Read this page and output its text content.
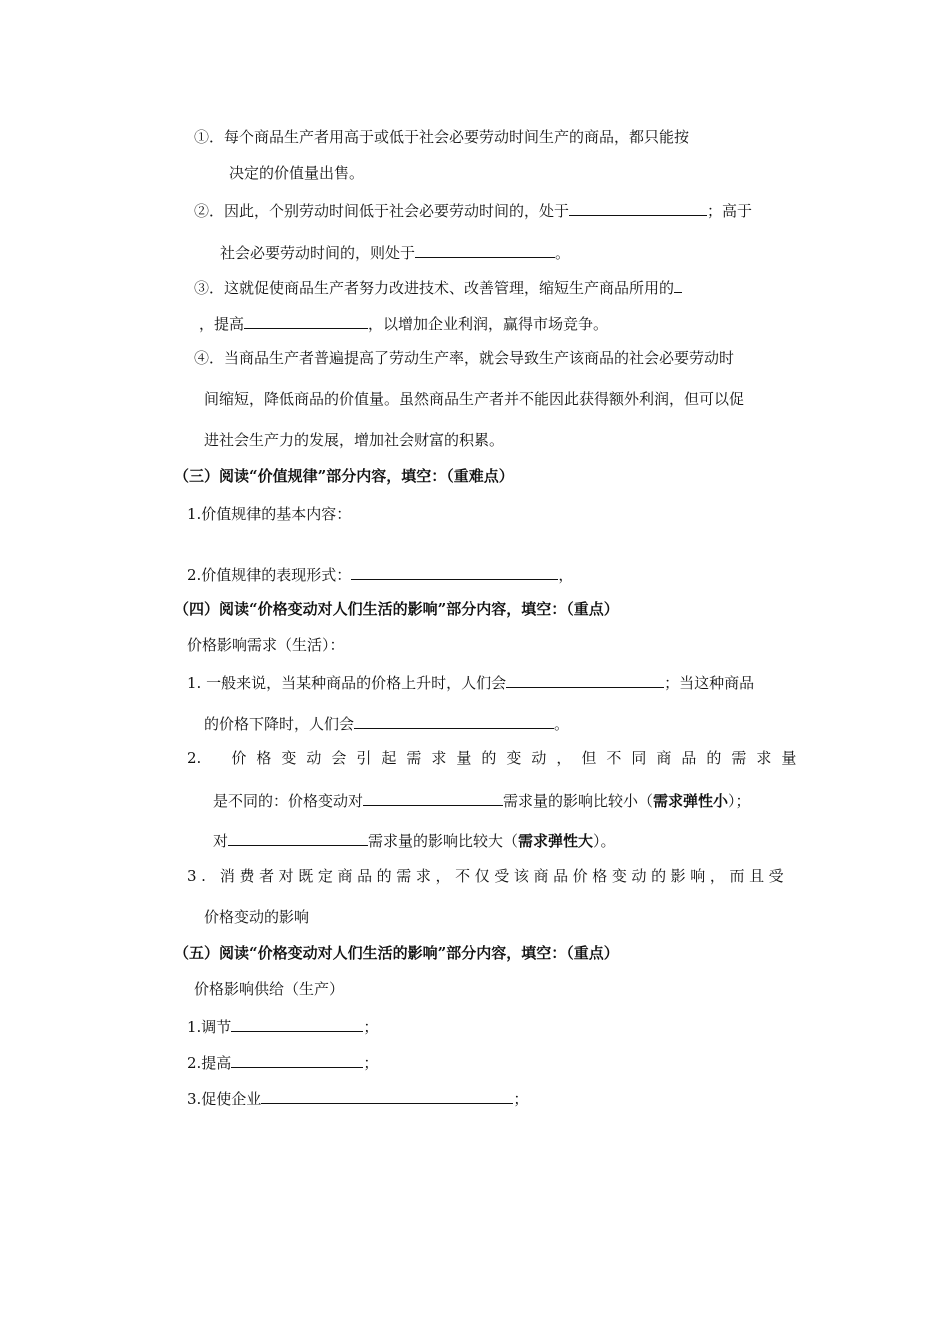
①．每个商品生产者用高于或低于社会必要劳动时间生产的商品，都只能按
决定的价值量出售。
②．因此，个别劳动时间低于社会必要劳动时间的，处于	；高于
社会必要劳动时间的，则处于	。
③．这就促使商品生产者努力改进技术、改善管理，缩短生产商品所用的
，提高	，以增加企业利润，赢得市场竞争。
④．当商品生产者普遍提高了劳动生产率，就会导致生产该商品的社会必要劳动时
间缩短，降低商品的价值量。虽然商品生产者并不能因此获得额外利润，但可以促
进社会生产力的发展，增加社会财富的积累。
（三）阅读“价值规律”部分内容，填空：（重难点）
1.价值规律的基本内容：
2.价值规律的表现形式：	，
（四）阅读“价格变动对人们生活的影响”部分内容，填空：（重点）
价格影响需求（生活）：
1. 一般来说，当某种商品的价格上升时，人们会	；当这种商品
的价格下降时，人们会	。
2. 价格变动会引起需求量的变动，但不同商品的需求量
是不同的：价格变动对	需求量的影响比较小（需求弹性小）；
对	需求量的影响比较大（需求弹性大）。
3. 消费者对既定商品的需求，不仅受该商品价格变动的影响，而且受
价格变动的影响
（五）阅读“价格变动对人们生活的影响”部分内容，填空：（重点）
价格影响供给（生产）
1.调节	；
2.提高	；
3.促使企业	；
